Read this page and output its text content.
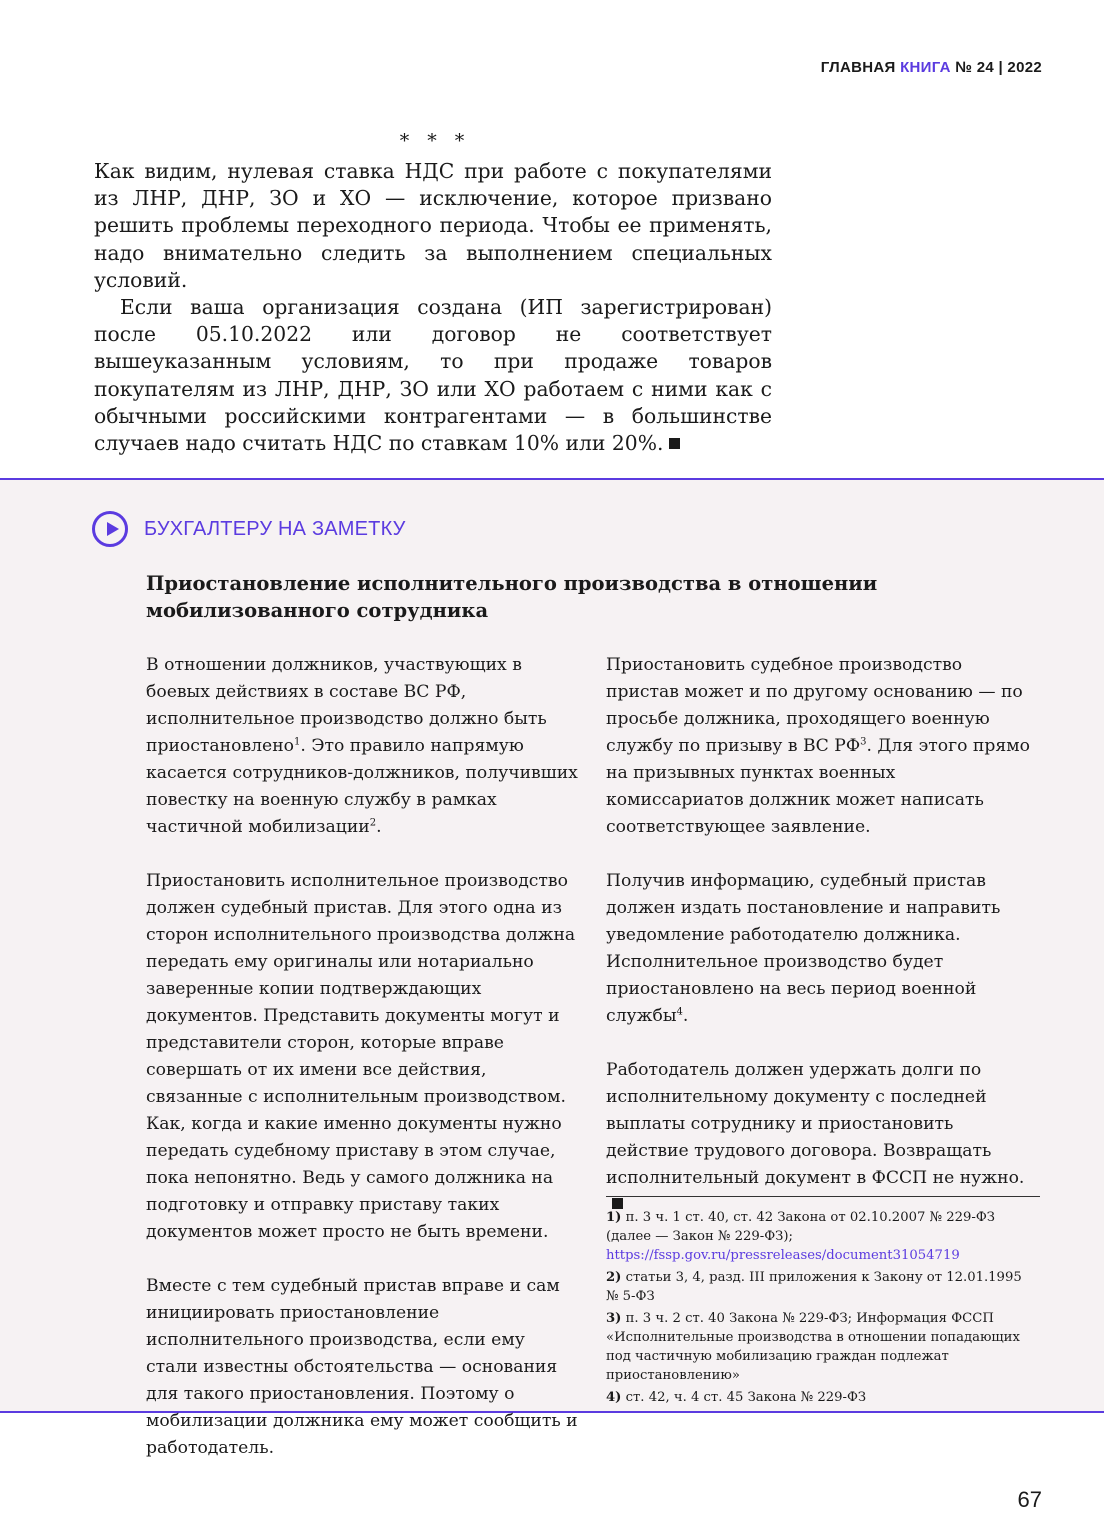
ГЛАВНАЯ КНИГА № 24 | 2022
* * *

Как видим, нулевая ставка НДС при работе с покупателями из ЛНР, ДНР, ЗО и ХО — исключение, которое призвано решить проблемы переходного периода. Чтобы ее применять, надо внимательно следить за выполнением специальных условий.

Если ваша организация создана (ИП зарегистрирован) после 05.10.2022 или договор не соответствует вышеуказанным условиям, то при продаже товаров покупателям из ЛНР, ДНР, ЗО или ХО работаем с ними как с обычными российскими контрагентами — в большинстве случаев надо считать НДС по ставкам 10% или 20%.

БУХГАЛТЕРУ НА ЗАМЕТКУ
Приостановление исполнительного производства в отношении мобилизованного сотрудника

В отношении должников, участвующих в боевых действиях в составе ВС РФ, исполнительное производство должно быть приостановлено$^1$. Это правило напрямую касается сотрудников-должников, получивших повестку на военную службу в рамках частичной мобилизации$^2$.

Приостановить исполнительное производство должен судебный пристав. Для этого одна из сторон исполнительного производства должна передать ему оригиналы или нотариально заверенные копии подтверждающих документов. Представить документы могут и представители сторон, которые вправе совершать от их имени все действия, связанные с исполнительным производством. Как, когда и какие именно документы нужно передать судебному приставу в этом случае, пока непонятно. Ведь у самого должника на подготовку и отправку приставу таких документов может просто не быть времени.

Вместе с тем судебный пристав вправе и сам инициировать приостановление исполнительного производства, если ему стали известны обстоятельства — основания для такого приостановления. Поэтому о мобилизации должника ему может сообщить и работодатель.

Приостановить судебное производство пристав может и по другому основанию — по просьбе должника, проходящего военную службу по призыву в ВС $РФ^3$. Для этого прямо на призывных пунктах военных комиссариатов должник может написать соответствующее заявление.

Получив информацию, судебный пристав должен издать постановление и направить уведомление работодателю должника. Исполнительное производство будет приостановлено на весь период военной службы$^4$.

Работодатель должен удержать долги по исполнительному документу с последней выплаты сотруднику и приостановить действие трудового договора. Возвращать исполнительный документ в ФССП не нужно.

1) п. 3 ч. 1 ст. 40, ст. 42 Закона от 02.10.2007 № 229-ФЗ (далее — Закон № 229-ФЗ);
https://fssp.gov.ru/pressreleases/document31054719

2) статьи 3, 4, разд. III приложения к Закону от 12.01.1995 № 5-ФЗ

3) п. 3 ч. 2 ст. 40 Закона № 229-ФЗ; Информация ФССП «Исполнительные производства в отношении попадающих под частичную мобилизацию граждан подлежат приостановлению»

4) ст. 42, ч. 4 ст. 45 Закона № 229-ФЗ

67
